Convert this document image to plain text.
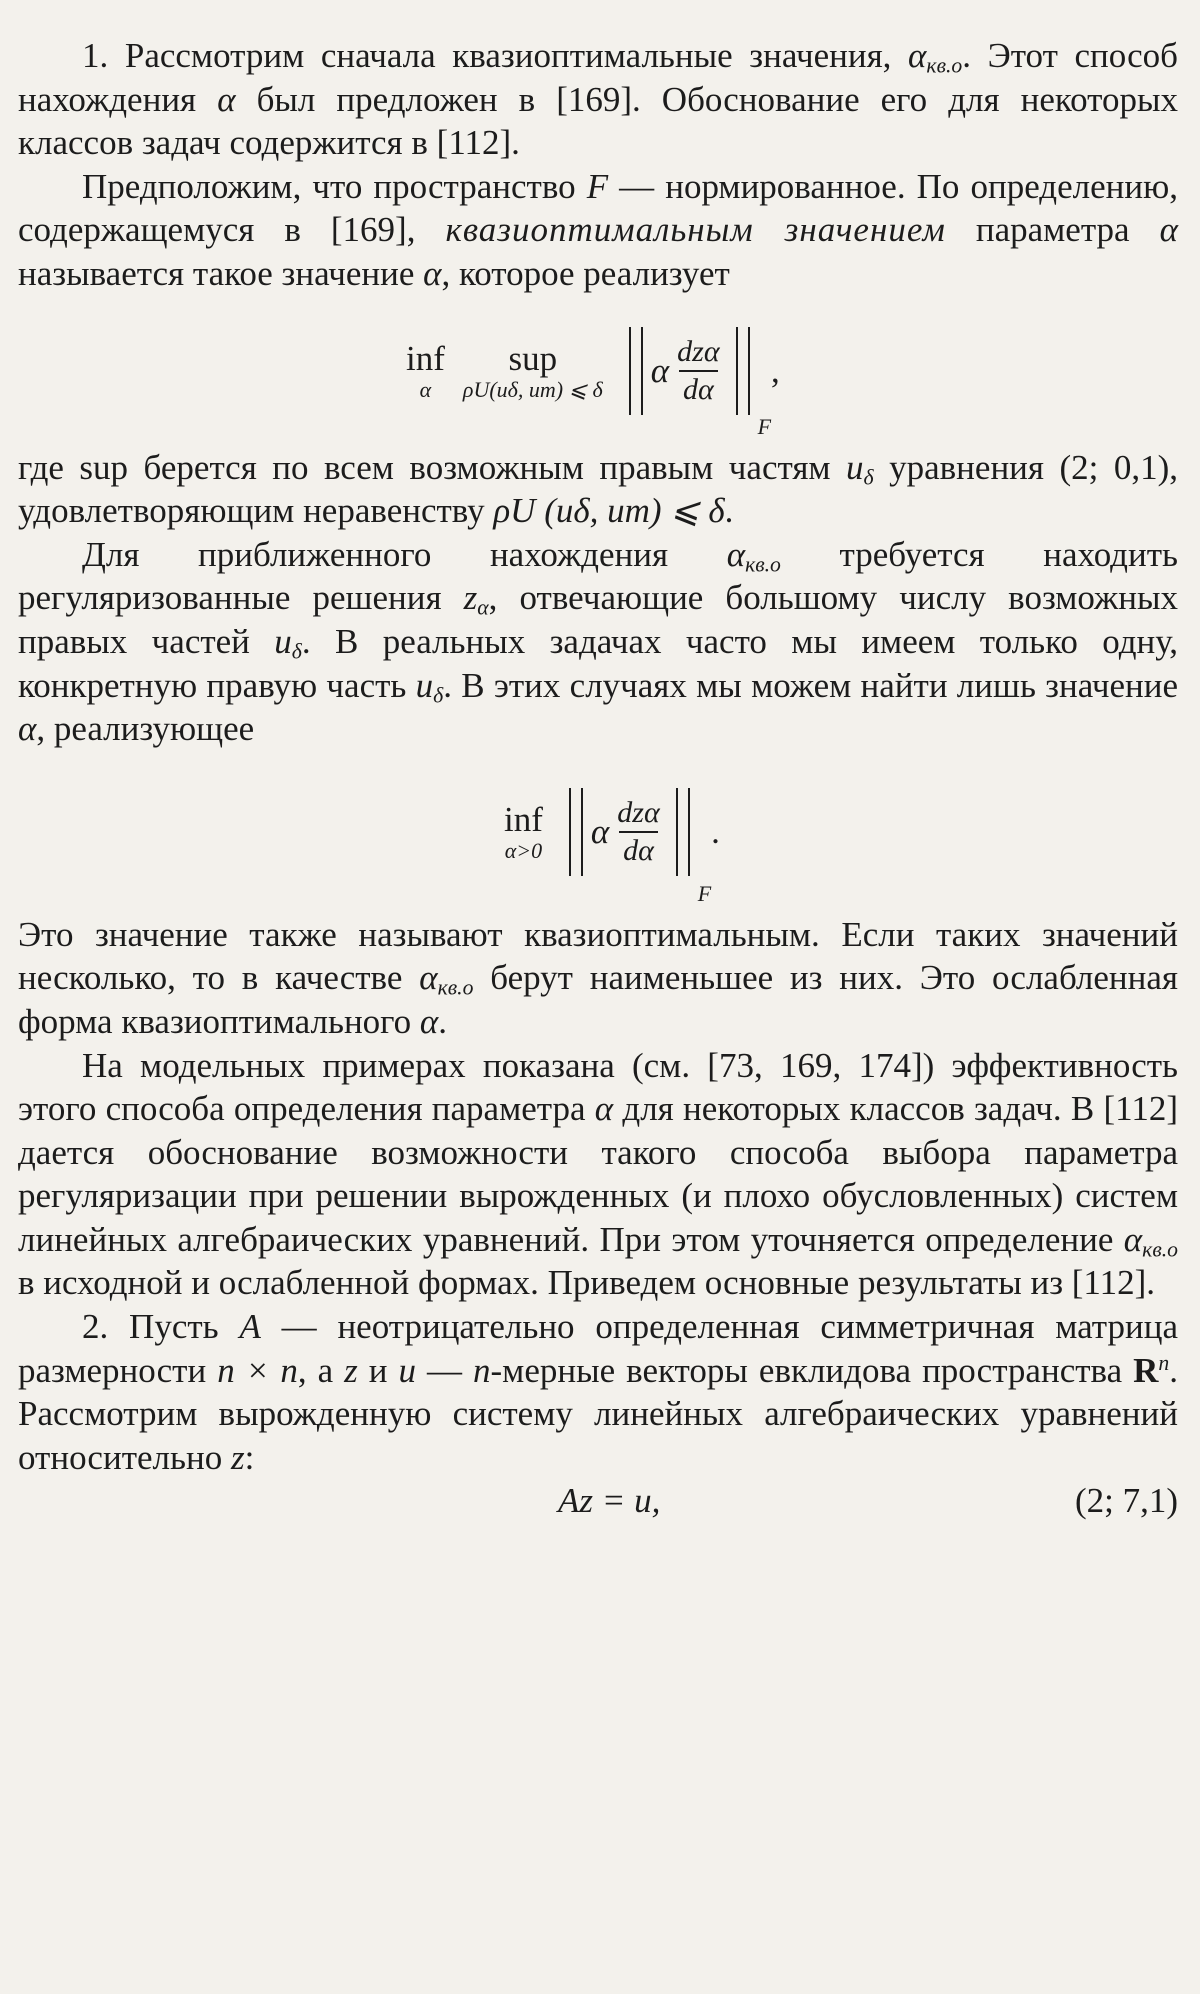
1. Рассмотрим сначала квазиоптимальные значения, $\alpha_{кв.о}$. Этот способ нахождения α был предложен в [169]. Обоснование его для некоторых классов задач содержится в [112].

Предположим, что пространство F — нормированное. По определению, содержащемуся в [169], квазиоптимальным значением параметра α называется такое значение α, которое реализует

inf
α
sup
ρU(uδ, uт) ⩽ δ α $\frac{\text{dzα}}{d\alpha}$
F
,

где sup берется по всем возможным правым частям $u_\delta$ уравнения (2; 0,1), удовлетворяющим неравенству ρU (uδ, uт) ⩽ δ.

Для приближенного нахождения $\alpha_{кв.о}$ требуется находить регуляризованные решения $z_\alpha$, отвечающие большому числу возможных правых частей $u_\delta$. В реальных задачах часто мы имеем только одну, конкретную правую часть $u_\delta$. В этих случаях мы можем найти лишь значение α, реализующее

inf
α>0 α $\frac{\text{dzα}}{d\alpha}$
F
.

Это значение также называют квазиоптимальным. Если таких значений несколько, то в качестве $\alpha_{кв.о}$ берут наименьшее из них. Это ослабленная форма квазиоптимального α.

На модельных примерах показана (см. [73, 169, 174]) эффективность этого способа определения параметра α для некоторых классов задач. В [112] дается обоснование возможности такого способа выбора параметра регуляризации при решении вырожденных (и плохо обусловленных) систем линейных алгебраических уравнений. При этом уточняется определение $\alpha_{кв.о}$ в исходной и ослабленной формах. Приведем основные результаты из [112].

2. Пусть A — неотрицательно определенная симметричная матрица размерности n × n, а z и u — n-мерные векторы евклидова пространства $R^n$. Рассмотрим вырожденную систему линейных алгебраических уравнений относительно z:

Az = u,	(2; 7,1)
